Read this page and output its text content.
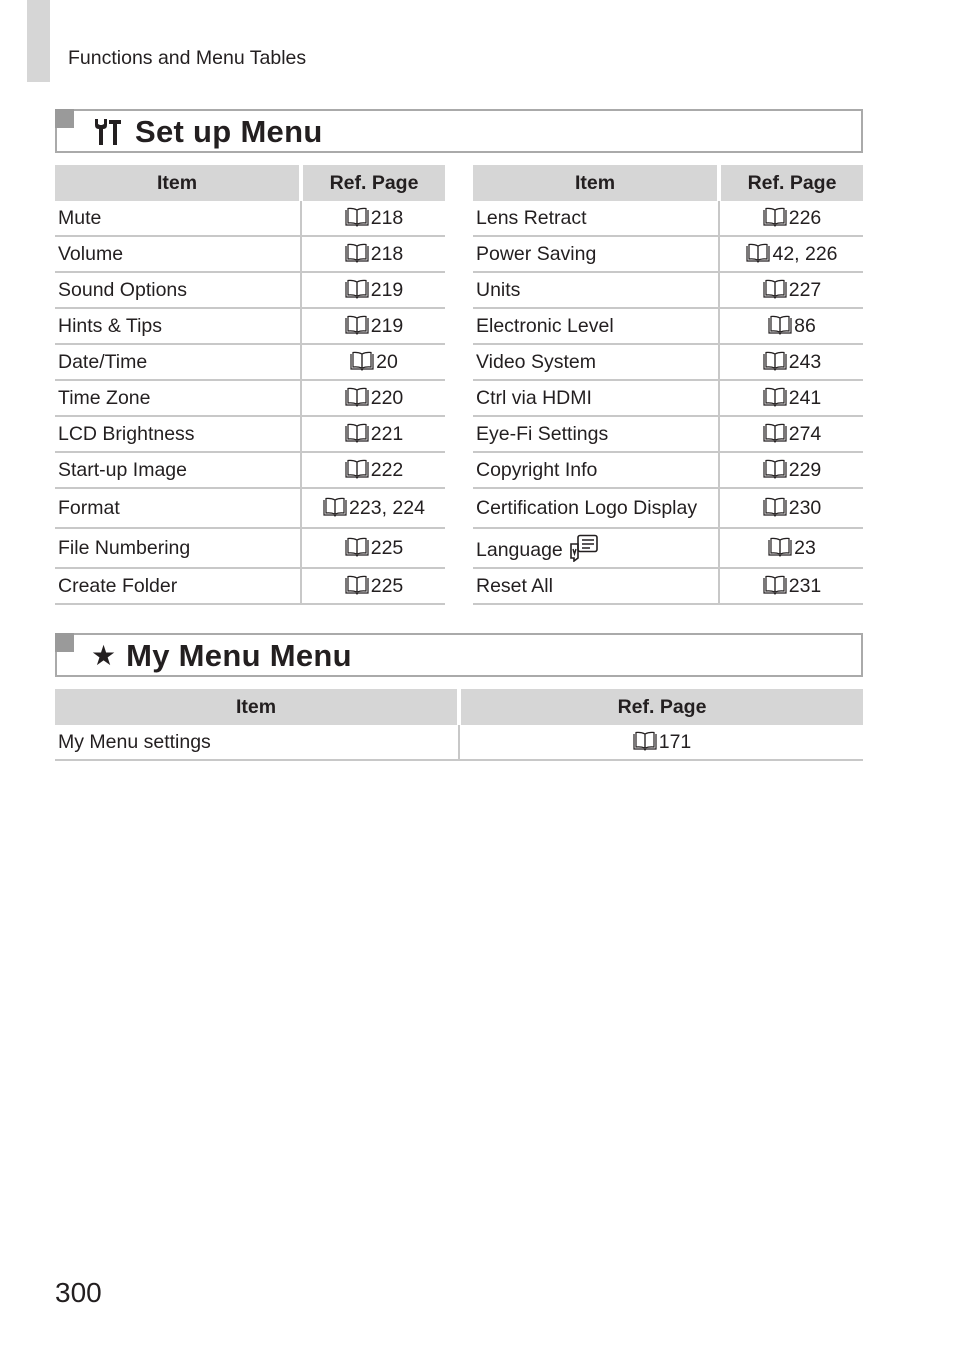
Functions and Menu Tables
Set up Menu
Item	Ref. Page
Mute	218
Volume	218
Sound Options	219
Hints & Tips	219
Date/Time	20
Time Zone	220
LCD Brightness	221
Start-up Image	222
Format	223, 224
File Numbering	225
Create Folder	225
Item	Ref. Page
Lens Retract	226
Power Saving	42, 226
Units	227
Electronic Level	86
Video System	243
Ctrl via HDMI	241
Eye-Fi Settings	274
Copyright Info	229
Certification Logo Display	230
Language	23
Reset All	231
★ My Menu Menu
Item	Ref. Page
My Menu settings	171
300
